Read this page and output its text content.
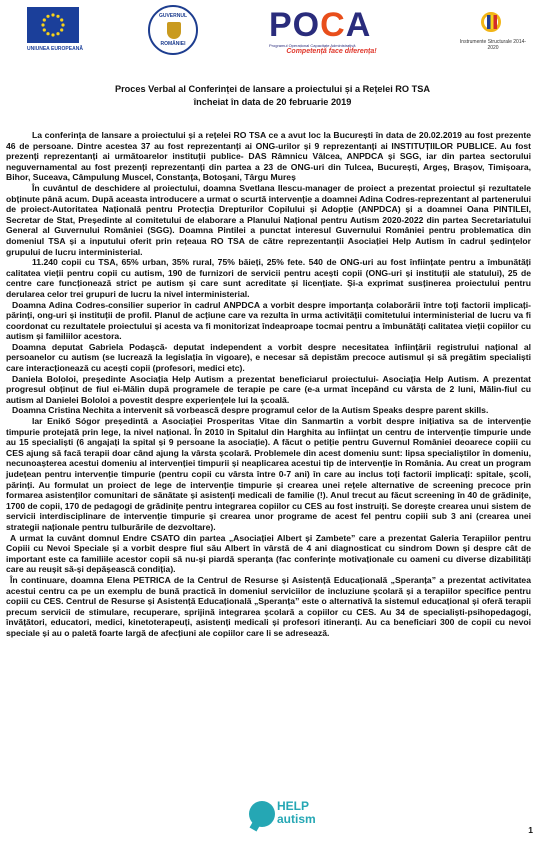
UNIUNEA EUROPEANĂ
GUVERNUL
ROMÂNIEI	POCA
Programul Operațional Capacitate Administrativă
Competență face diferența!
Instrumente Structurale 2014-2020
Proces Verbal al Conferinței de lansare a proiectului și a Rețelei RO TSA
încheiat în data de 20 februarie 2019

La conferința de lansare a proiectului și a rețelei RO TSA ce a avut loc la București în data de 20.02.2019 au fost prezente 46 de persoane. Dintre acestea 37 au fost reprezentanți ai ONG-urilor și 9 reprezentanți ai INSTITUȚIILOR PUBLICE. Au fost prezenți reprezentanți ai următoarelor instituții publice- DAS Râmnicu Vâlcea, ANPDCA și SGG, iar din partea sectorului neguvernamental au fost prezenți reprezentanți din partea a 23 de ONG-uri din Tulcea, București, Argeș, Brașov, Timișoara, Bihor, Suceava, Câmpulung Muscel, Constanța, Botoșani, Târgu Mureș

În cuvântul de deschidere al proiectului, doamna Svetlana Ilescu-manager de proiect a prezentat proiectul și rezultatele obținute până acum. După aceasta introducere a urmat o scurtă intervenție a doamnei Adina Codres-reprezentant al partenerului de proiect-Autoritatea Națională pentru Protecția Drepturilor Copilului și Adopție (ANPDCA) și a doamnei Oana PINTILEI, Secretar de Stat, Președinte al comitetului de elaborare a Planului Național pentru Autism 2020-2022 din partea Secretariatului General al Guvernului României (SGG). Doamna Pintilei a punctat interesul Guvernului României pentru problematica din domeniul TSA și a inputului oferit prin rețeaua RO TSA de către reprezentanții Asociației Help Autism în cadrul ședințelor grupului de lucru interministerial.

11.240 copii cu TSA, 65% urban, 35% rural, 75% băieți, 25% fete. 540 de ONG-uri au fost înființate pentru a îmbunătăți calitatea vieții pentru copii cu autism, 190 de furnizori de servicii pentru acești copii (ONG-uri și instituții ale statului), 25 de centre care funcționează strict pe autism și care sunt acreditate și licențiate. Și-a exprimat susținerea proiectului pentru derularea celor trei grupuri de lucru la nivel interministerial.

Doamna Adina Codres-consilier superior în cadrul ANPDCA a vorbit despre importanța colaborării între toți factorii implicați-părinți, ong-uri și instituții de profil. Planul de acțiune care va rezulta în urma activității comitetului interministerial de lucru va fi coordonat cu rezultatele proiectului și acesta va fi monitorizat îndeaproape tocmai pentru a îmbunătăți calitatea vieții copiilor cu autism și familiilor acestora.

Doamna deputat Gabriela Podașcă- deputat independent a vorbit despre necesitatea înființării registrului național al persoanelor cu autism (se lucrează la legislația în vigoare), e necesar să depistăm precoce autismul și să pregătim specialiști care interacționează cu acești copii (profesori, medici etc).

Daniela Bololoi, președinte Asociația Help Autism a prezentat beneficiarul proiectului- Asociația Help Autism. A prezentat progresul obținut de fiul ei-Mălin după programele de terapie pe care (e-a urmat începând cu vârsta de 2 luni, Mălin-fiul cu autism al Danielei Bololoi a povestit despre experiențele lui la școală.

Doamna Cristina Nechita a intervenit să vorbească despre programul celor de la Autism Speaks despre parent skills.

Iar Enikő Sógor președintă a Asociației Prosperitas Vitae din Sanmartin a vorbit despre inițiativa sa de intervenție timpurie protejată prin lege, la nivel național. În 2010 în Spitalul din Harghita au înființat un centru de intervenție timpurie unde au 15 specialiști (6 angajați la spital și 9 persoane la asociație). A făcut o petiție pentru Guvernul României deoarece copiii cu CES ajung să facă terapii doar când ajung la vârsta școlară. Problemele din acest domeniu sunt: lipsa specialiștilor în domeniu, necunoașterea acestui domeniu al intervenției timpurii și neaplicarea acestui tip de intervenție în România. Au creat un program județean pentru intervenție timpurie (pentru copii cu vârsta între 0-7 ani) în care au inclus toți factorii implicați: spitale, școli, părinți. Au formulat un proiect de lege de intervenție timpurie și crearea unei rețele alternative de screening precoce prin formarea asistenților comunitari de sănătate și asistenți medicali de familie (!). Anul trecut au făcut screening în 40 de grădinițe, 1700 de copii, 170 de pedagogi de grădinițe pentru integrarea copiilor cu CES au fost instruiți. Se dorește crearea unui sistem de servicii interdisciplinare de intervenție timpurie și crearea unor programe de acest fel pentru copiii sub 3 ani (crearea unei strategii naționale pentru tulburările de dezvoltare).

A urmat la cuvânt domnul Endre CSATO din partea „Asociației Albert și Zambete” care a prezentat Galeria Terapiilor pentru Copiii cu Nevoi Speciale și a vorbit despre fiul său Albert în vârstă de 4 ani diagnosticat cu sindrom Down și despre cât de important este ca familiile acestor copii să nu-și piardă speranța (fac conferințe motivaționale cu oameni cu diverse dizabilități care au reușit să-și depășească condiția).

În continuare, doamna Elena PETRICA de la Centrul de Resurse și Asistență Educațională „Speranța” a prezentat activitatea acestui centru ca pe un exemplu de bună practică în domeniul serviciilor de incluziune școlară și a terapiilor specifice pentru copiii cu CES. Centrul de Resurse și Asistență Educațională „Speranța” este o alternativă la sistemul educațional și oferă terapii precum servicii de stimulare, recuperare, sprijină integrarea școlară a copiilor cu CES. Au 34 de specialiști-psihopedagogi, învățători, educatori, medici, kinetoterapeuți, asistenți medicali și profesori itineranți. Au ca beneficiari 300 de copii cu nevoi speciale și au o paletă foarte largă de afecțiuni ale copiilor care li se adresează.

HELP
autism
1
